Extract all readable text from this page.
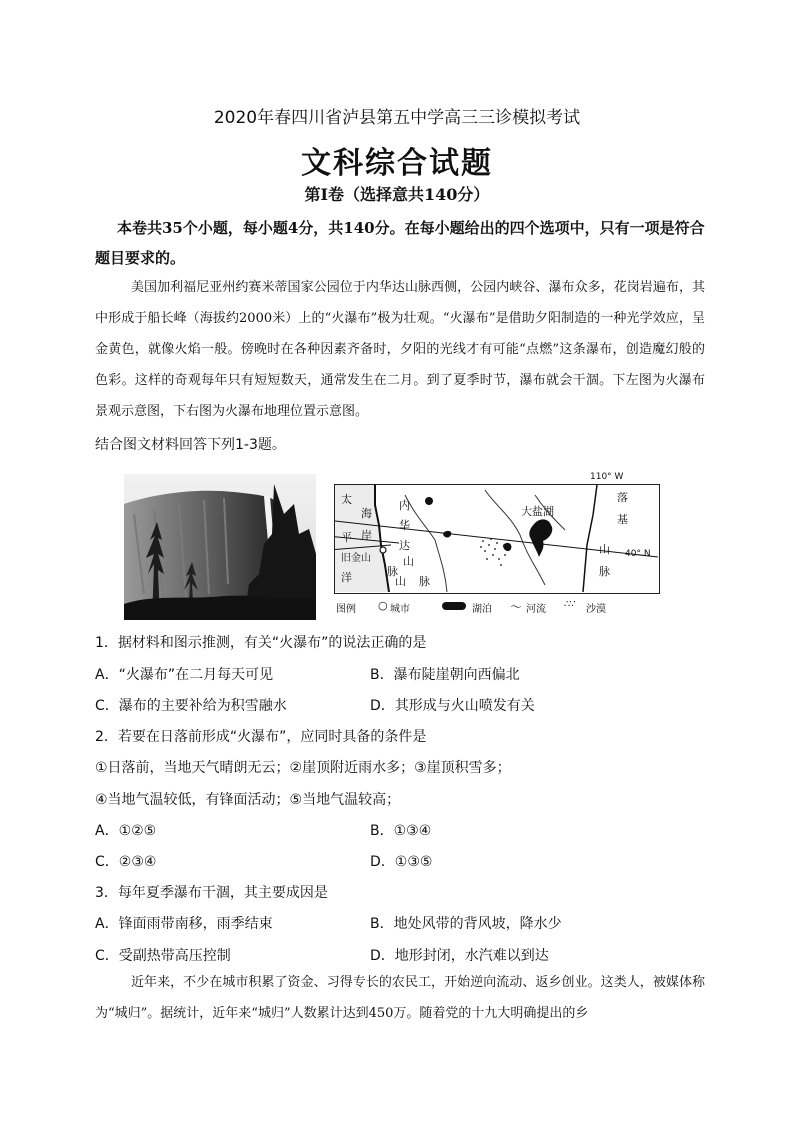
2020年春四川省泸县第五中学高三三诊模拟考试
文科综合试题
第Ⅰ卷（选择意共140分）
本卷共35个小题，每小题4分，共140分。在每小题给出的四个选项中，只有一项是符合题目要求的。
美国加利福尼亚州约赛米蒂国家公园位于内华达山脉西侧，公园内峡谷、瀑布众多，花岗岩遍布，其中形成于船长峰（海拔约2000米）上的“火瀑布”极为壮观。“火瀑布”是借助夕阳制造的一种光学效应，呈金黄色，就像火焰一般。傍晚时在各种因素齐备时，夕阳的光线才有可能“点燃”这条瀑布，创造魔幻般的色彩。这样的奇观每年只有短短数天，通常发生在二月。到了夏季时节，瀑布就会干涸。下左图为火瀑布景观示意图，下右图为火瀑布地理位置示意图。
结合图文材料回答下列1-3题。
110° W
太
平
洋
海
岸
旧金山
脉
内
华
达
山
脉
山
大盐湖
落
基
山
脉
40° N
图例 ○ 城市	湖泊 〜 河流 ∴∵ 沙漠
1．据材料和图示推测，有关“火瀑布”的说法正确的是
A．“火瀑布”在二月每天可见	B．瀑布陡崖朝向西偏北
C．瀑布的主要补给为积雪融水	D．其形成与火山喷发有关
2．若要在日落前形成“火瀑布”，应同时具备的条件是
①日落前，当地天气晴朗无云；②崖顶附近雨水多；③崖顶积雪多；
④当地气温较低，有锋面活动；⑤当地气温较高；
A．①②⑤	B．①③④
C．②③④	D．①③⑤
3．每年夏季瀑布干涸，其主要成因是
A．锋面雨带南移，雨季结束	B．地处风带的背风坡，降水少
C．受副热带高压控制	D．地形封闭，水汽难以到达
近年来，不少在城市积累了资金、习得专长的农民工，开始逆向流动、返乡创业。这类人，被媒体称为“城归”。据统计，近年来“城归”人数累计达到450万。随着党的十九大明确提出的乡
